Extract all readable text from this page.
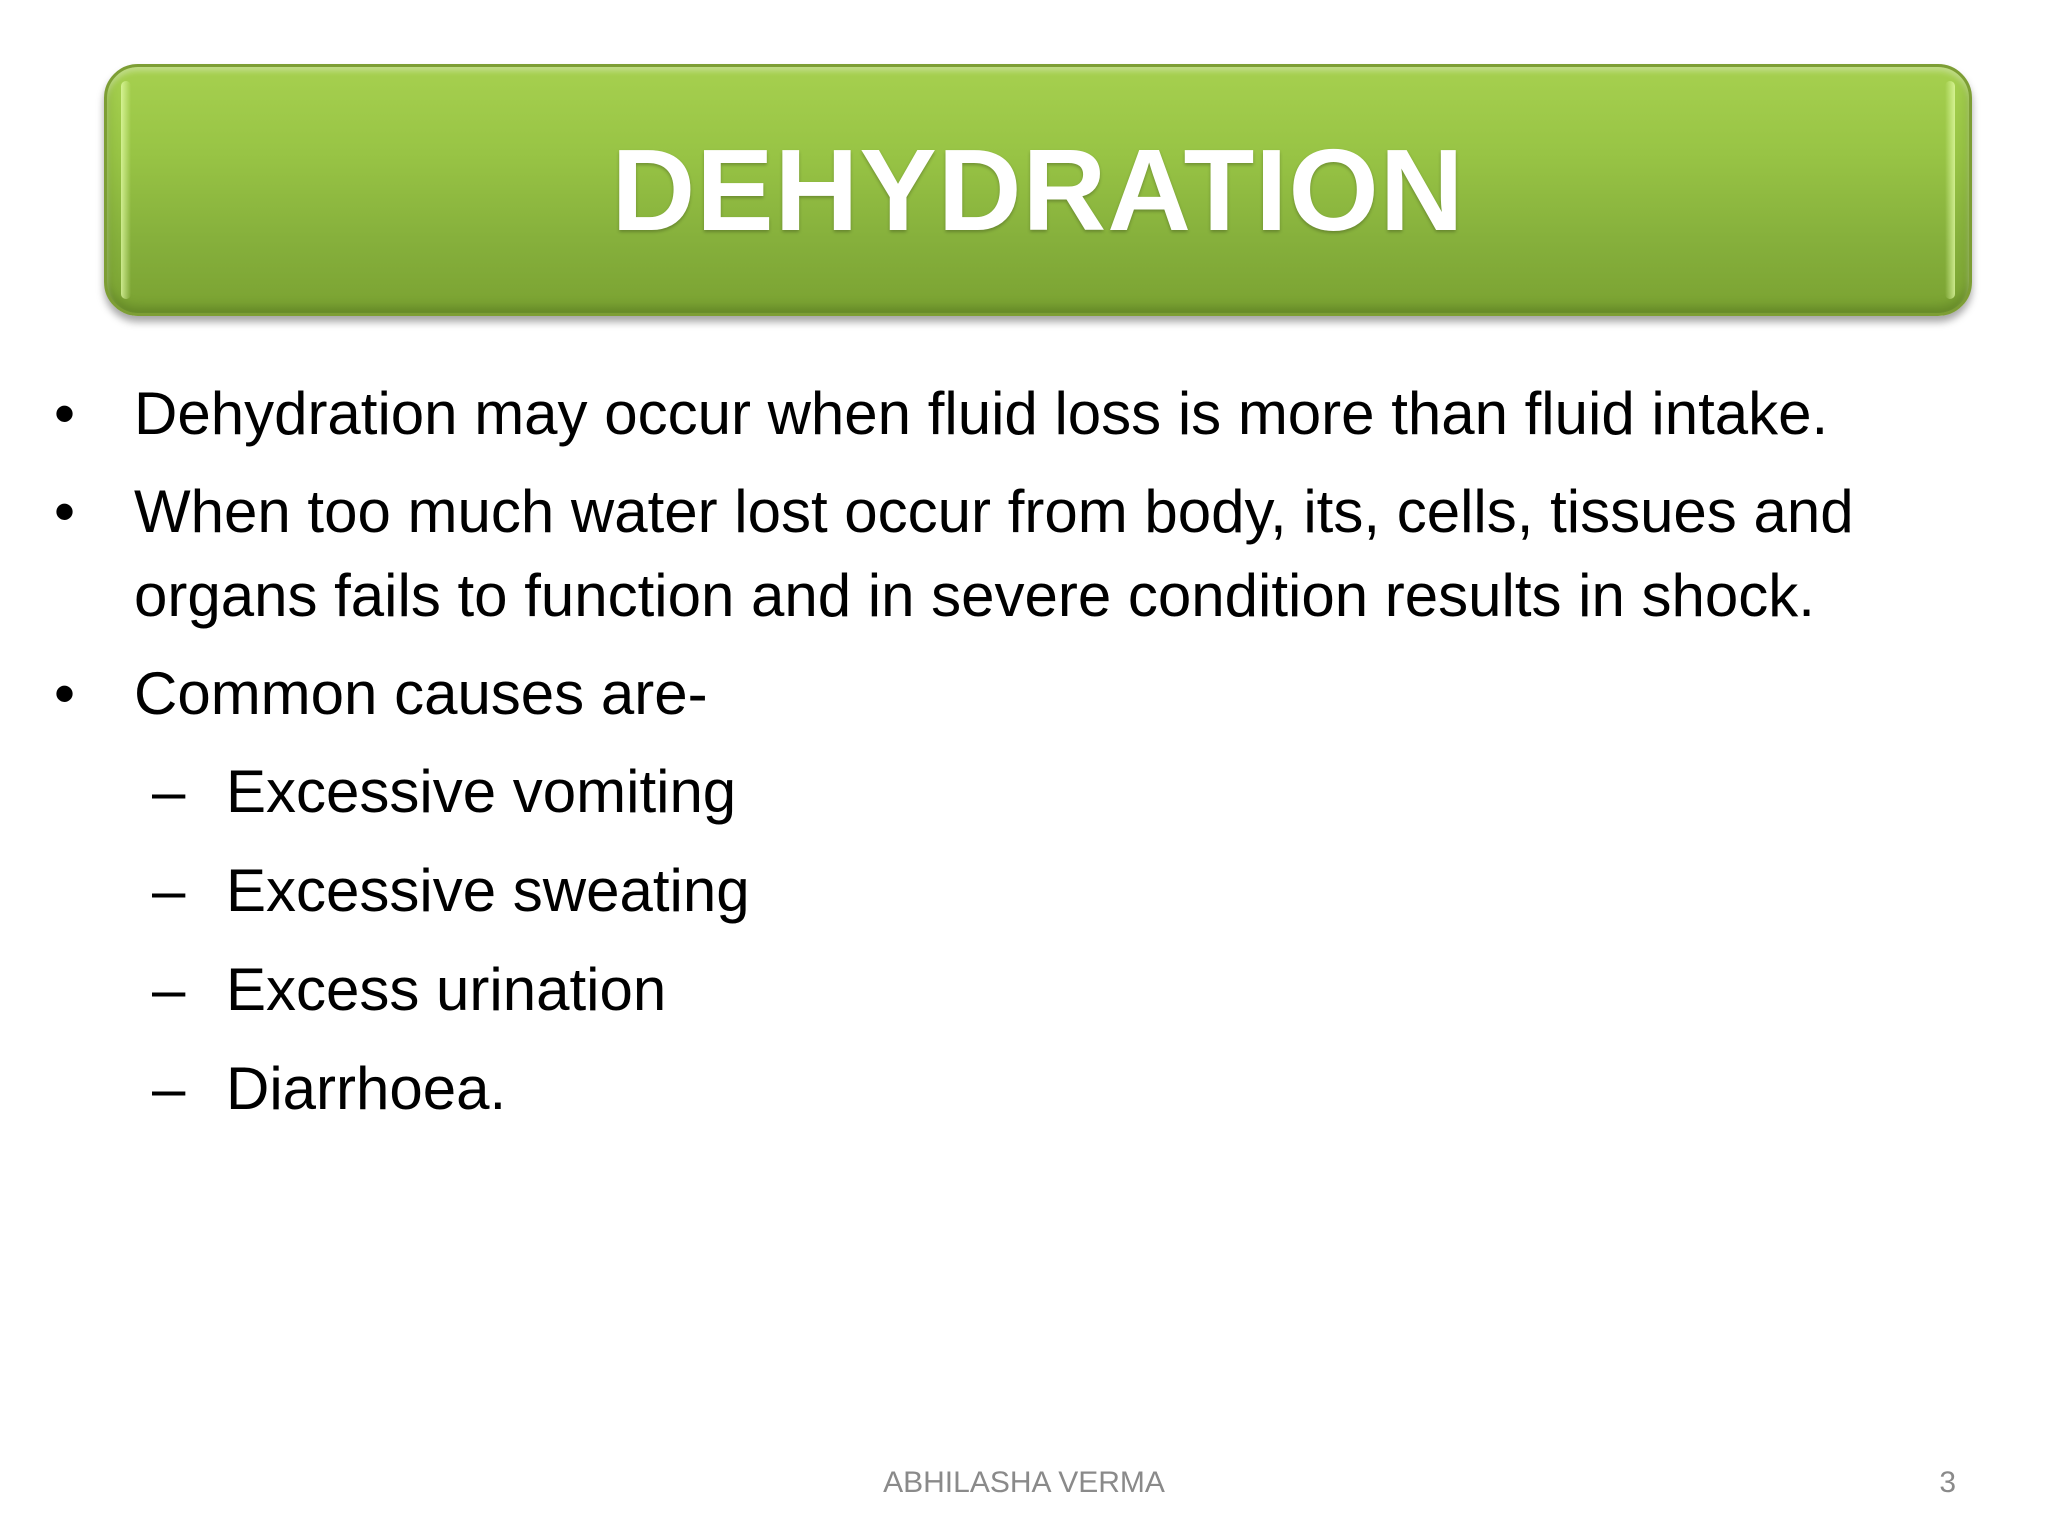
DEHYDRATION
• Dehydration may occur when fluid loss is more than fluid intake.
• When too much water lost occur from body, its, cells, tissues and organs fails to function and in severe condition results in shock.
• Common causes are-
– Excessive vomiting
– Excessive sweating
– Excess urination
– Diarrhoea.
ABHILASHA VERMA	3
